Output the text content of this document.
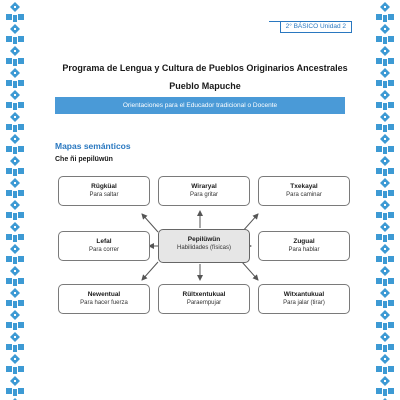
2° BÁSICO Unidad 2
Programa de Lengua y Cultura de Pueblos Originarios Ancestrales
Pueblo Mapuche
Orientaciones para el Educador tradicional o Docente
Mapas semánticos
Che ñi pepilüwün
Rügküal
Para saltar
Wiraryal
Para gritar
Txekayal
Para caminar
Lefal
Para correr
Pepilüwün
Habilidades (físicas)
Zugual
Para hablar
Newentual
Para hacer fuerza
Rültxentukual
Paraempujar
Witxantukual
Para jalar (tirar)
